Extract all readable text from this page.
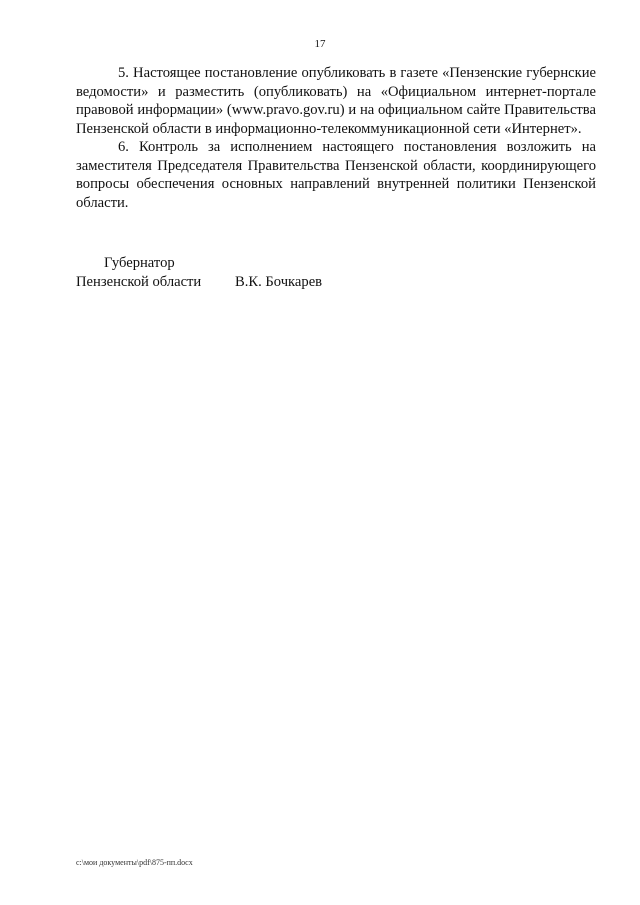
17

5. Настоящее постановление опубликовать в газете «Пензенские губернские ведомости» и разместить (опубликовать) на «Официальном интернет-портале правовой информации» (www.pravo.gov.ru) и на официальном сайте Правительства Пензенской области в информационно-телекоммуникационной сети «Интернет».

6. Контроль за исполнением настоящего постановления возложить на заместителя Председателя Правительства Пензенской области, координирующего вопросы обеспечения основных направлений внутренней политики Пензенской области.

Губернатор
Пензенской области	В.К. Бочкарев
c:\мои документы\pdf\875-пп.docx
